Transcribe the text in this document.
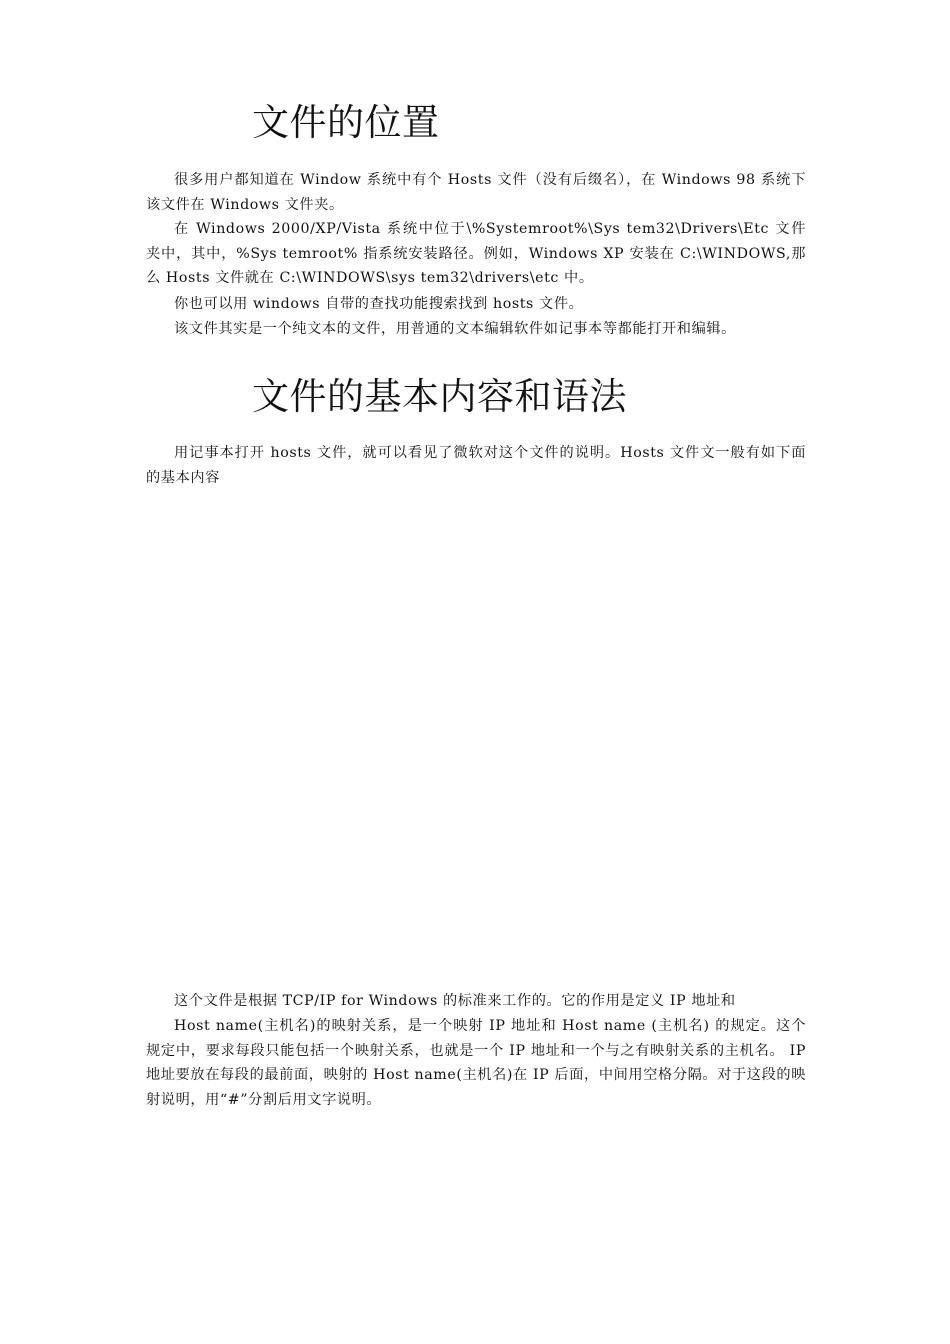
文件的位置

很多用户都知道在 Window 系统中有个 Hosts 文件（没有后缀名），在 Windows 98 系统下该文件在 Windows 文件夹。

在 Windows 2000/XP/Vista 系统中位于\%Systemroot%\Sys tem32\Drivers\Etc 文件夹中，其中，%Sys temroot% 指系统安装路径。例如，Windows XP 安装在 C:\WINDOWS,那么 Hosts 文件就在 C:\WINDOWS\sys tem32\drivers\etc 中。

你也可以用 windows 自带的查找功能搜索找到 hosts 文件。

该文件其实是一个纯文本的文件，用普通的文本编辑软件如记事本等都能打开和编辑。

文件的基本内容和语法

用记事本打开 hosts 文件，就可以看见了微软对这个文件的说明。Hosts 文件文一般有如下面的基本内容

这个文件是根据 TCP/IP for Windows 的标准来工作的。它的作用是定义 IP 地址和

Host name(主机名)的映射关系，是一个映射 IP 地址和 Host name (主机名) 的规定。这个规定中，要求每段只能包括一个映射关系，也就是一个 IP 地址和一个与之有映射关系的主机名。 IP 地址要放在每段的最前面，映射的 Host name(主机名)在 IP 后面，中间用空格分隔。对于这段的映射说明，用“#”分割后用文字说明。
